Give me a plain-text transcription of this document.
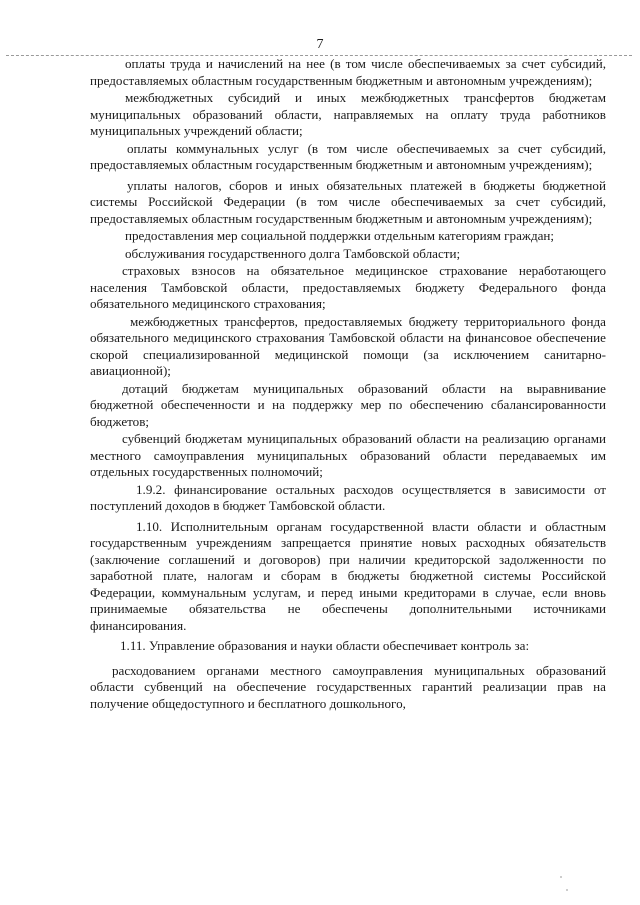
7

оплаты труда и начислений на нее (в том числе обеспечиваемых за счет субсидий, предоставляемых областным государственным бюджетным и автономным учреждениям);

межбюджетных субсидий и иных межбюджетных трансфертов бюджетам муниципальных образований области, направляемых на оплату труда работников муниципальных учреждений области;

оплаты коммунальных услуг (в том числе обеспечиваемых за счет субсидий, предоставляемых областным государственным бюджетным и автономным учреждениям);

уплаты налогов, сборов и иных обязательных платежей в бюджеты бюджетной системы Российской Федерации (в том числе обеспечиваемых за счет субсидий, предоставляемых областным государственным бюджетным и автономным учреждениям);

предоставления мер социальной поддержки отдельным категориям граждан;

обслуживания государственного долга Тамбовской области;

страховых взносов на обязательное медицинское страхование неработающего населения Тамбовской области, предоставляемых бюджету Федерального фонда обязательного медицинского страхования;

межбюджетных трансфертов, предоставляемых бюджету территориального фонда обязательного медицинского страхования Тамбовской области на финансовое обеспечение скорой специализированной медицинской помощи (за исключением санитарно-авиационной);

дотаций бюджетам муниципальных образований области на выравнивание бюджетной обеспеченности и на поддержку мер по обеспечению сбалансированности бюджетов;

субвенций бюджетам муниципальных образований области на реализацию органами местного самоуправления муниципальных образований области передаваемых им отдельных государственных полномочий;

1.9.2. финансирование остальных расходов осуществляется в зависимости от поступлений доходов в бюджет Тамбовской области.

1.10. Исполнительным органам государственной власти области и областным государственным учреждениям запрещается принятие новых расходных обязательств (заключение соглашений и договоров) при наличии кредиторской задолженности по заработной плате, налогам и сборам в бюджеты бюджетной системы Российской Федерации, коммунальным услугам, и перед иными кредиторами в случае, если вновь принимаемые обязательства не обеспечены дополнительными источниками финансирования.

1.11. Управление образования и науки области обеспечивает контроль за:

расходованием органами местного самоуправления муниципальных образований области субвенций на обеспечение государственных гарантий реализации прав на получение общедоступного и бесплатного дошкольного,
